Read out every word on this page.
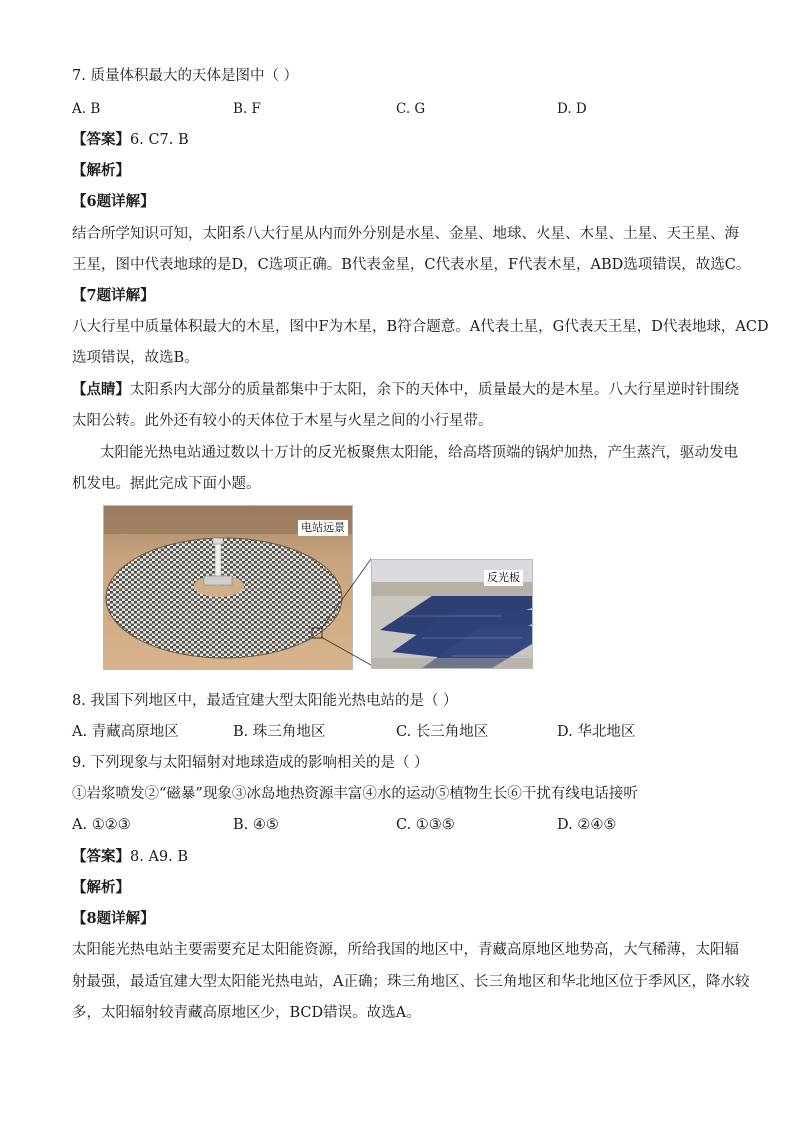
7. 质量体积最大的天体是图中（ ）
A. B	B. F	C. G	D. D
【答案】6. C7. B
【解析】
【6题详解】
结合所学知识可知，太阳系八大行星从内而外分别是水星、金星、地球、火星、木星、土星、天王星、海
王星，图中代表地球的是D，C选项正确。B代表金星，C代表水星，F代表木星，ABD选项错误，故选C。
【7题详解】
八大行星中质量体积最大的木星，图中F为木星，B符合题意。A代表土星，G代表天王星，D代表地球，ACD
选项错误，故选B。
【点睛】太阳系内大部分的质量都集中于太阳，余下的天体中，质量最大的是木星。八大行星逆时针围绕
太阳公转。此外还有较小的天体位于木星与火星之间的小行星带。
太阳能光热电站通过数以十万计的反光板聚焦太阳能，给高塔顶端的锅炉加热，产生蒸汽，驱动发电
机发电。据此完成下面小题。
电站远景
反光板
8. 我国下列地区中，最适宜建大型太阳能光热电站的是（ ）
A. 青藏高原地区	B. 珠三角地区	C. 长三角地区	D. 华北地区
9. 下列现象与太阳辐射对地球造成的影响相关的是（ ）
①岩浆喷发②“磁暴”现象③冰岛地热资源丰富④水的运动⑤植物生长⑥干扰有线电话接听
A. ①②③	B. ④⑤	C. ①③⑤	D. ②④⑤
【答案】8. A9. B
【解析】
【8题详解】
太阳能光热电站主要需要充足太阳能资源，所给我国的地区中，青藏高原地区地势高，大气稀薄，太阳辐
射最强，最适宜建大型太阳能光热电站，A正确；珠三角地区、长三角地区和华北地区位于季风区，降水较
多，太阳辐射较青藏高原地区少，BCD错误。故选A。
